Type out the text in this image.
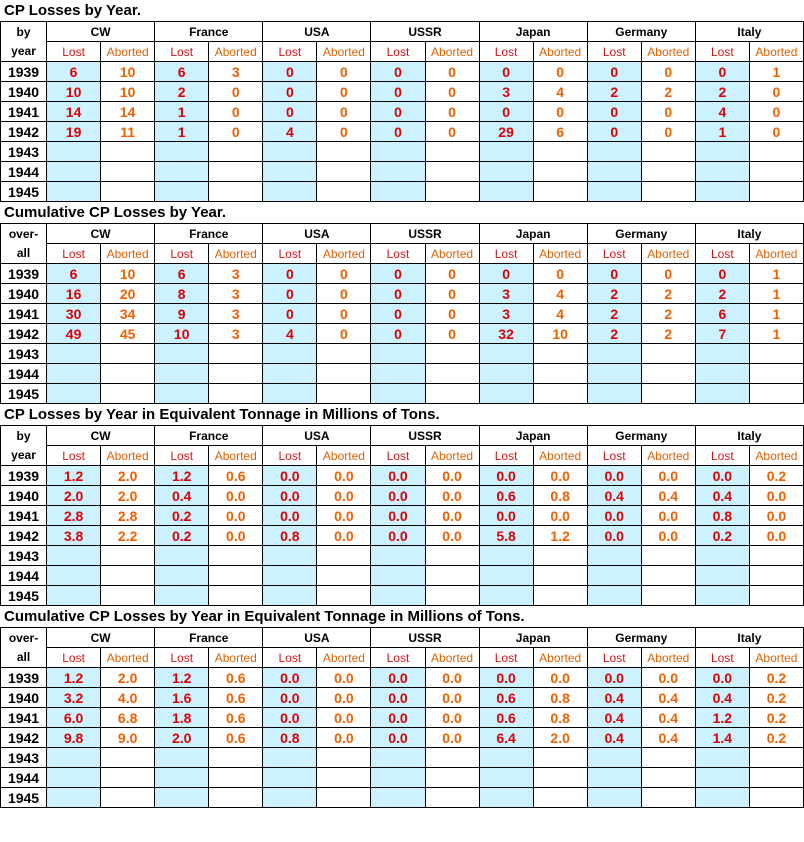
CP Losses by Year.
by
year	CW		France		USA		USSR		Japan		Germany		Italy	
	Lost	Aborted	Lost	Aborted	Lost	Aborted	Lost	Aborted	Lost	Aborted	Lost	Aborted	Lost	Aborted
1939	6	10	6	3	0	0	0	0	0	0	0	0	0	1
1940	10	10	2	0	0	0	0	0	3	4	2	2	2	0
1941	14	14	1	0	0	0	0	0	0	0	0	0	4	0
1942	19	11	1	0	4	0	0	0	29	6	0	0	1	0
1943														
1944														
1945														
Cumulative CP Losses by Year.
over-
all	CW		France		USA		USSR		Japan		Germany		Italy	
	Lost	Aborted	Lost	Aborted	Lost	Aborted	Lost	Aborted	Lost	Aborted	Lost	Aborted	Lost	Aborted
1939	6	10	6	3	0	0	0	0	0	0	0	0	0	1
1940	16	20	8	3	0	0	0	0	3	4	2	2	2	1
1941	30	34	9	3	0	0	0	0	3	4	2	2	6	1
1942	49	45	10	3	4	0	0	0	32	10	2	2	7	1
1943														
1944														
1945														
CP Losses by Year in Equivalent Tonnage in Millions of Tons.
by
year	CW		France		USA		USSR		Japan		Germany		Italy	
	Lost	Aborted	Lost	Aborted	Lost	Aborted	Lost	Aborted	Lost	Aborted	Lost	Aborted	Lost	Aborted
1939	1.2	2.0	1.2	0.6	0.0	0.0	0.0	0.0	0.0	0.0	0.0	0.0	0.0	0.2
1940	2.0	2.0	0.4	0.0	0.0	0.0	0.0	0.0	0.6	0.8	0.4	0.4	0.4	0.0
1941	2.8	2.8	0.2	0.0	0.0	0.0	0.0	0.0	0.0	0.0	0.0	0.0	0.8	0.0
1942	3.8	2.2	0.2	0.0	0.8	0.0	0.0	0.0	5.8	1.2	0.0	0.0	0.2	0.0
1943														
1944														
1945														
Cumulative CP Losses by Year in Equivalent Tonnage in Millions of Tons.
over-
all	CW		France		USA		USSR		Japan		Germany		Italy	
	Lost	Aborted	Lost	Aborted	Lost	Aborted	Lost	Aborted	Lost	Aborted	Lost	Aborted	Lost	Aborted
1939	1.2	2.0	1.2	0.6	0.0	0.0	0.0	0.0	0.0	0.0	0.0	0.0	0.0	0.2
1940	3.2	4.0	1.6	0.6	0.0	0.0	0.0	0.0	0.6	0.8	0.4	0.4	0.4	0.2
1941	6.0	6.8	1.8	0.6	0.0	0.0	0.0	0.0	0.6	0.8	0.4	0.4	1.2	0.2
1942	9.8	9.0	2.0	0.6	0.8	0.0	0.0	0.0	6.4	2.0	0.4	0.4	1.4	0.2
1943														
1944														
1945														
